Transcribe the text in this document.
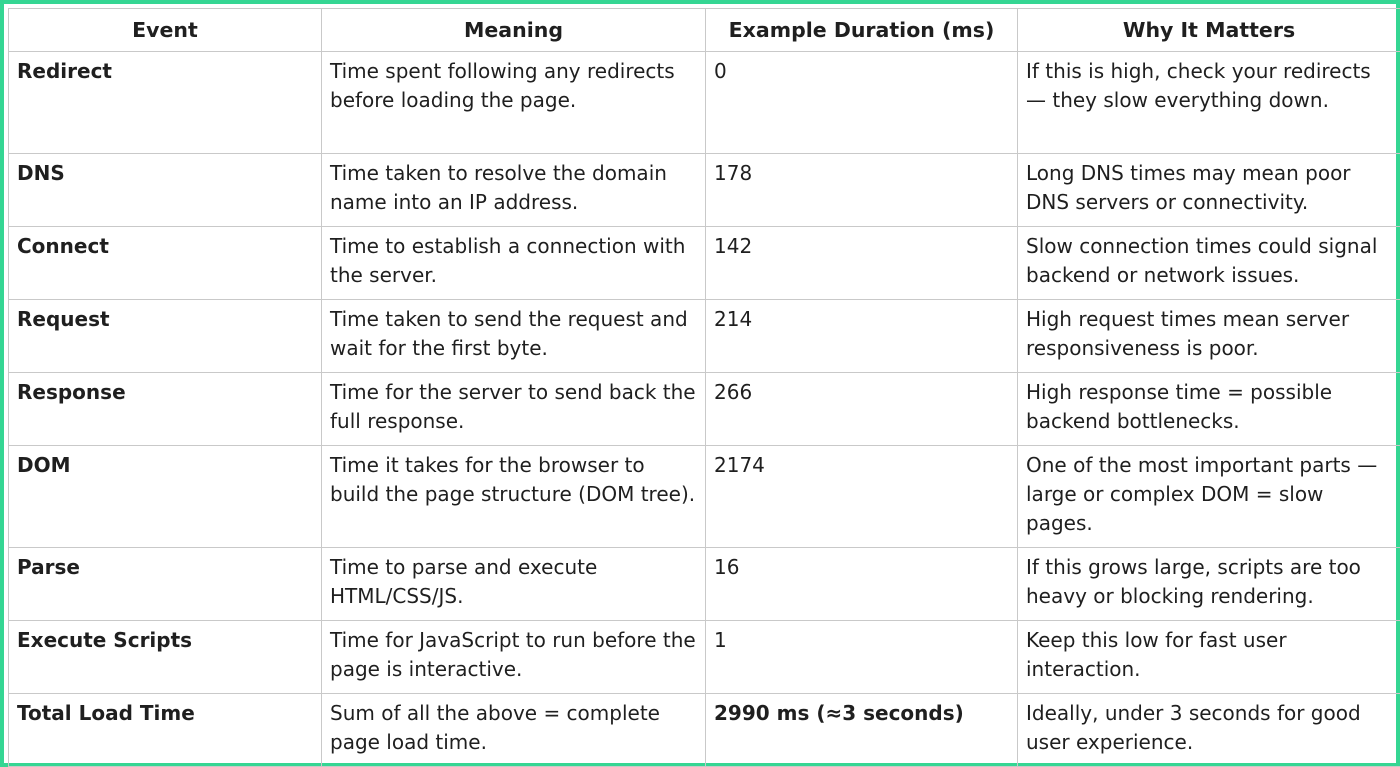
Event	Meaning	Example Duration (ms)	Why It Matters
Redirect	Time spent following any redirects before loading the page.	0	If this is high, check your redirects — they slow everything down.
DNS	Time taken to resolve the domain name into an IP address.	178	Long DNS times may mean poor DNS servers or connectivity.
Connect	Time to establish a connection with the server.	142	Slow connection times could signal backend or network issues.
Request	Time taken to send the request and wait for the first byte.	214	High request times mean server responsiveness is poor.
Response	Time for the server to send back the full response.	266	High response time = possible backend bottlenecks.
DOM	Time it takes for the browser to build the page structure (DOM tree).	2174	One of the most important parts — large or complex DOM = slow pages.
Parse	Time to parse and execute HTML/CSS/JS.	16	If this grows large, scripts are too heavy or blocking rendering.
Execute Scripts	Time for JavaScript to run before the page is interactive.	1	Keep this low for fast user interaction.
Total Load Time	Sum of all the above = complete page load time.	2990 ms (≈3 seconds)	Ideally, under 3 seconds for good user experience.
